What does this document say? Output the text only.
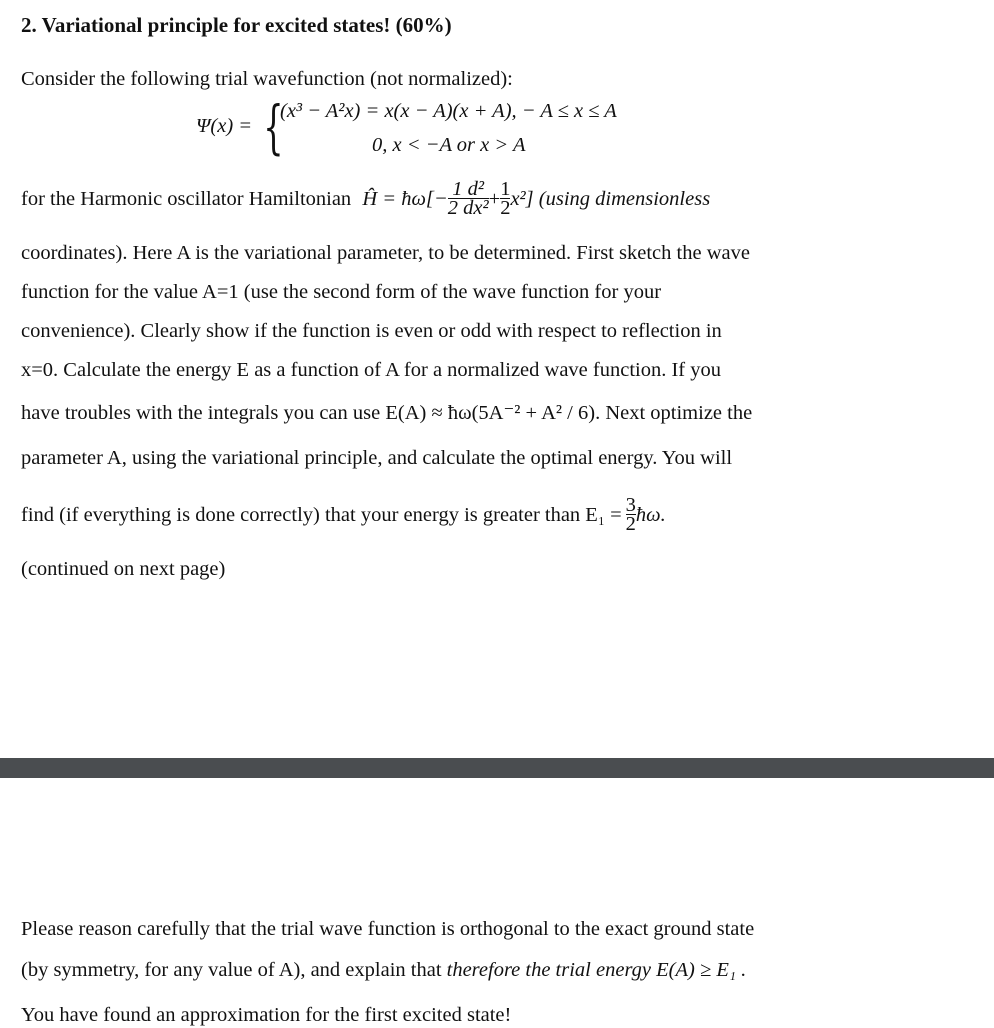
2. Variational principle for excited states! (60%)
Consider the following trial wavefunction (not normalized):
Ψ(x) = {
(x³ − A²x) = x(x − A)(x + A), − A ≤ x ≤ A
0, x < −A or x > A
for the Harmonic oscillator Hamiltonian Ĥ = ħω[− $\frac{\text{1 d²}}{\text{2 dx²}} + \frac{1}{2} x^2$] (using dimensionless
coordinates). Here A is the variational parameter, to be determined. First sketch the wave
function for the value A=1 (use the second form of the wave function for your
convenience). Clearly show if the function is even or odd with respect to reflection in
x=0. Calculate the energy E as a function of A for a normalized wave function. If you
have troubles with the integrals you can use E(A) ≈ ħω(5A⁻² + A² / 6). Next optimize the
parameter A, using the variational principle, and calculate the optimal energy. You will
find (if everything is done correctly) that your energy is greater than $E_1 = \frac{3}{2}$ ħω.
(continued on next page)
Please reason carefully that the trial wave function is orthogonal to the exact ground state
(by symmetry, for any value of A), and explain that therefore the trial energy E(A) ≥ E₁ .
You have found an approximation for the first excited state!
